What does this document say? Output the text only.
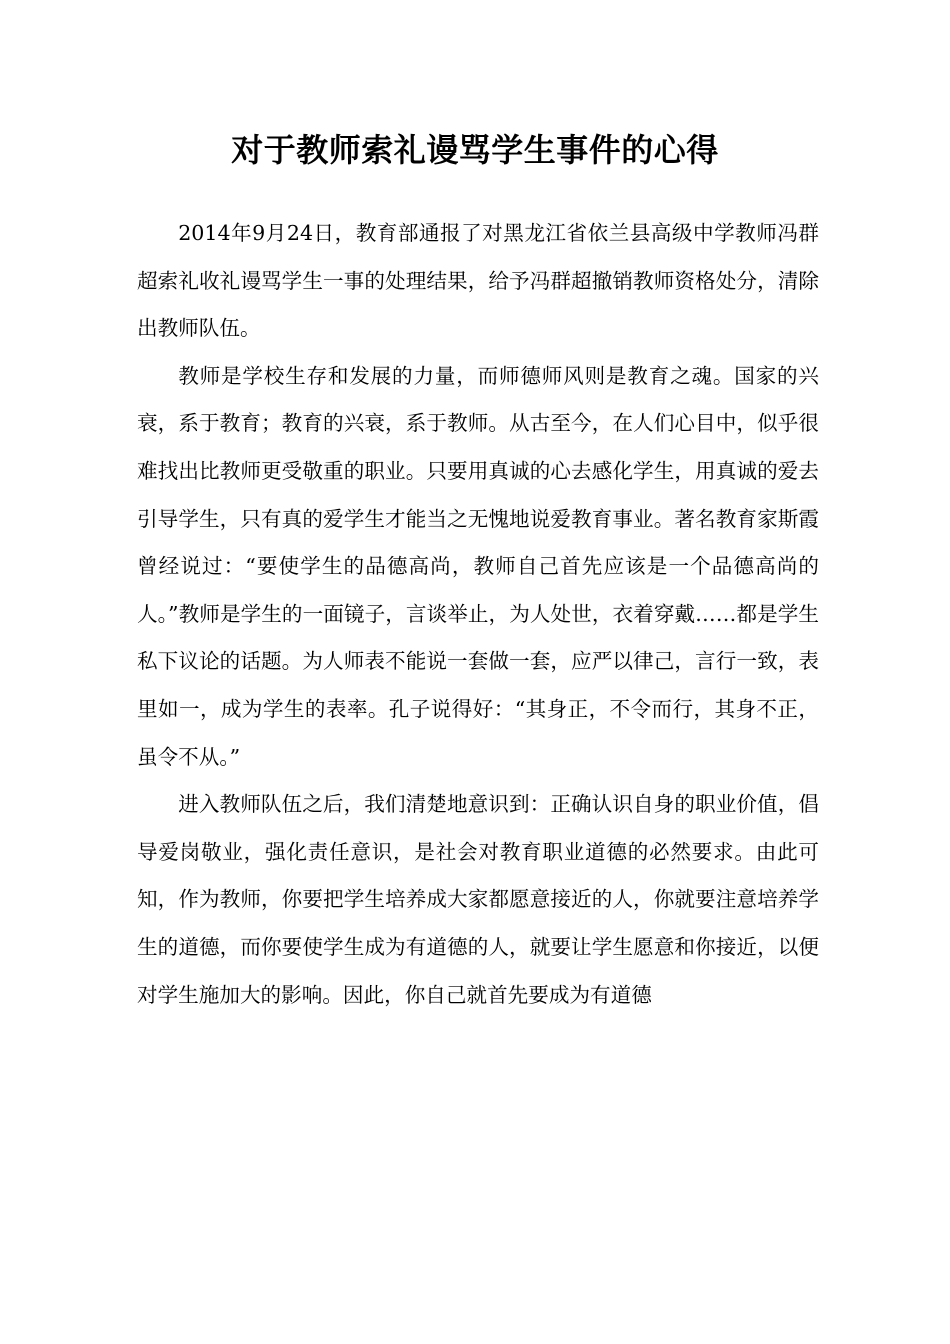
对于教师索礼谩骂学生事件的心得

2014年9月24日，教育部通报了对黑龙江省依兰县高级中学教师冯群超索礼收礼谩骂学生一事的处理结果，给予冯群超撤销教师资格处分，清除出教师队伍。

教师是学校生存和发展的力量，而师德师风则是教育之魂。国家的兴衰，系于教育；教育的兴衰，系于教师。从古至今，在人们心目中，似乎很难找出比教师更受敬重的职业。只要用真诚的心去感化学生，用真诚的爱去引导学生，只有真的爱学生才能当之无愧地说爱教育事业。著名教育家斯霞曾经说过：“要使学生的品德高尚，教师自己首先应该是一个品德高尚的人。”教师是学生的一面镜子，言谈举止，为人处世，衣着穿戴……都是学生私下议论的话题。为人师表不能说一套做一套，应严以律己，言行一致，表里如一，成为学生的表率。孔子说得好：“其身正，不令而行，其身不正，虽令不从。”

进入教师队伍之后，我们清楚地意识到：正确认识自身的职业价值，倡导爱岗敬业，强化责任意识，是社会对教育职业道德的必然要求。由此可知，作为教师，你要把学生培养成大家都愿意接近的人，你就要注意培养学生的道德，而你要使学生成为有道德的人，就要让学生愿意和你接近，以便对学生施加大的影响。因此，你自己就首先要成为有道德
